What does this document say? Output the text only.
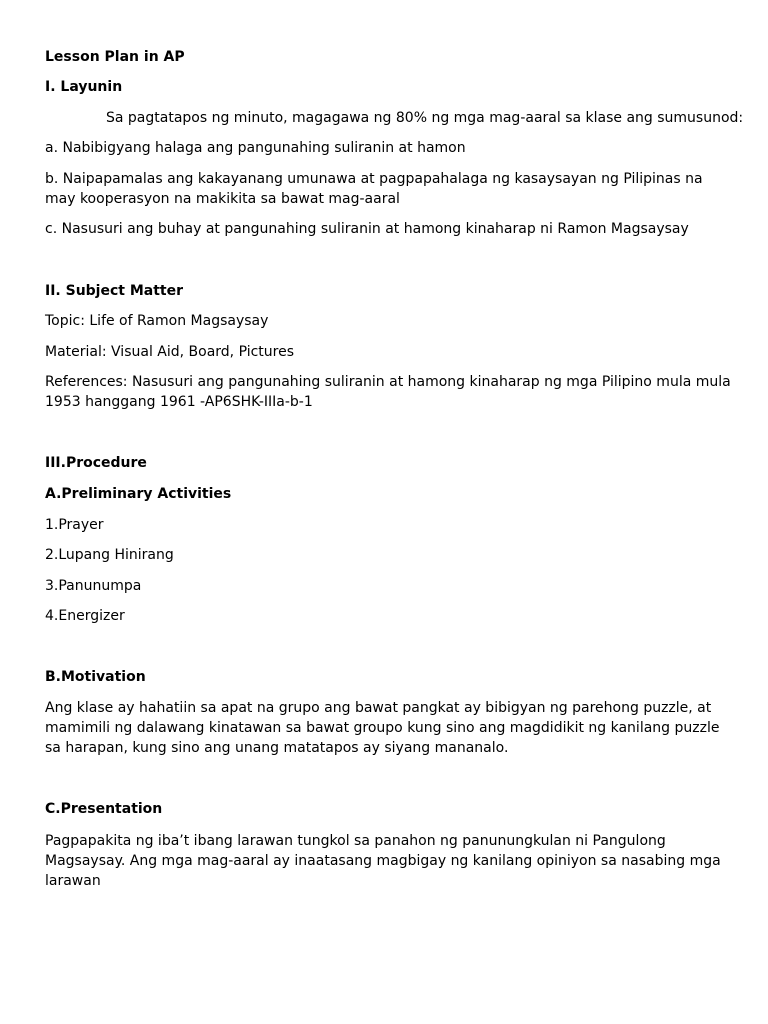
Lesson Plan in AP
I. Layunin
Sa pagtatapos ng minuto, magagawa ng 80% ng mga mag-aaral sa klase ang sumusunod:
a. Nabibigyang halaga ang pangunahing suliranin at hamon
b. Naipapamalas ang kakayanang umunawa at pagpapahalaga ng kasaysayan ng Pilipinas na may kooperasyon na makikita sa bawat mag-aaral
c. Nasusuri ang buhay at pangunahing suliranin at hamong kinaharap ni Ramon Magsaysay
II. Subject Matter
Topic: Life of Ramon Magsaysay
Material: Visual Aid, Board, Pictures
References: Nasusuri ang pangunahing suliranin at hamong kinaharap ng mga Pilipino mula mula 1953 hanggang 1961 -AP6SHK-IIIa-b-1
III.Procedure
A.Preliminary Activities
1.Prayer
2.Lupang Hinirang
3.Panunumpa
4.Energizer
B.Motivation
Ang klase ay hahatiin sa apat na grupo ang bawat pangkat ay bibigyan ng parehong puzzle, at mamimili ng dalawang kinatawan sa bawat groupo kung sino ang magdidikit ng kanilang puzzle sa harapan, kung sino ang unang matatapos ay siyang mananalo.
C.Presentation
Pagpapakita ng iba’t ibang larawan tungkol sa panahon ng panunungkulan ni Pangulong Magsaysay. Ang mga mag-aaral ay inaatasang magbigay ng kanilang opiniyon sa nasabing mga larawan
